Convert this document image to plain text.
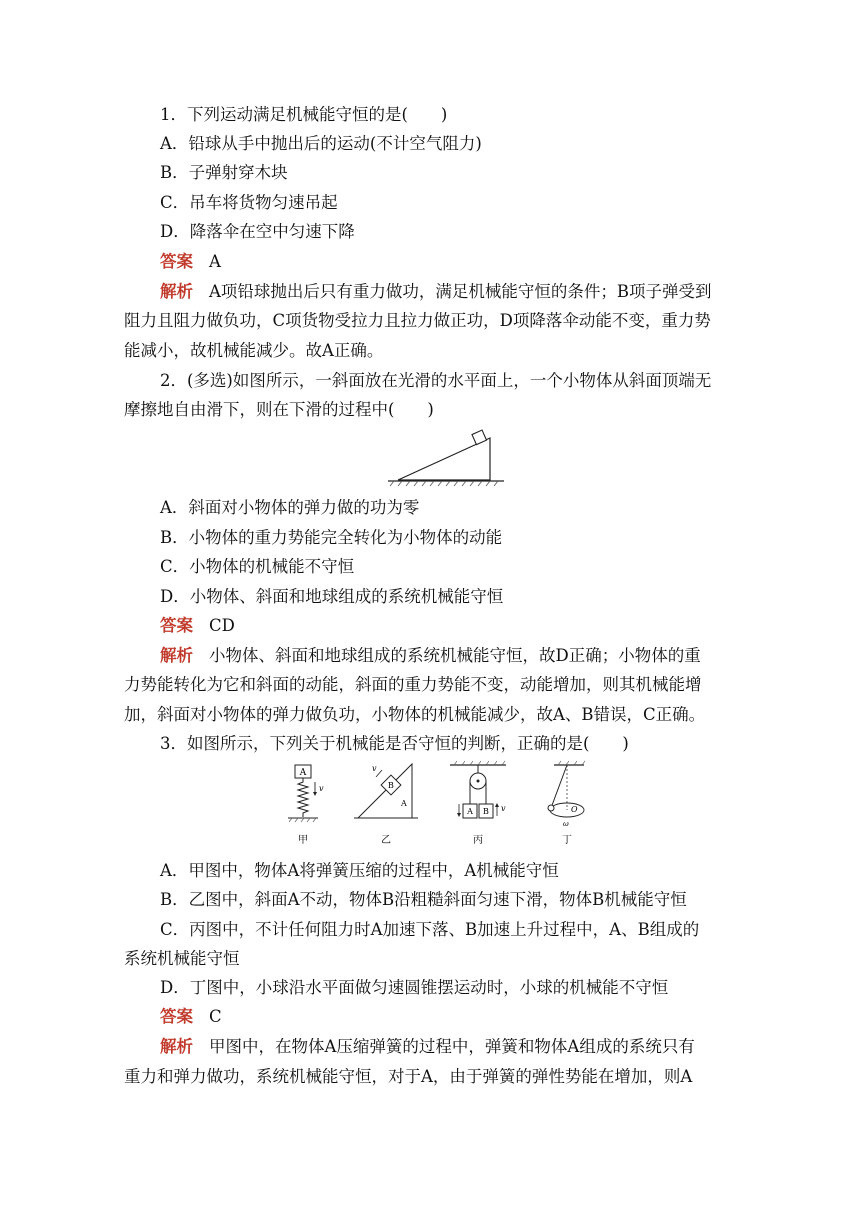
1．下列运动满足机械能守恒的是(　　)
A．铅球从手中抛出后的运动(不计空气阻力)
B．子弹射穿木块
C．吊车将货物匀速吊起
D．降落伞在空中匀速下降
答案 A
解析 A项铅球抛出后只有重力做功，满足机械能守恒的条件；B项子弹受到
阻力且阻力做负功，C项货物受拉力且拉力做正功，D项降落伞动能不变，重力势
能减小，故机械能减少。故A正确。
2．(多选)如图所示，一斜面放在光滑的水平面上，一个小物体从斜面顶端无
摩擦地自由滑下，则在下滑的过程中(　　)
A．斜面对小物体的弹力做的功为零
B．小物体的重力势能完全转化为小物体的动能
C．小物体的机械能不守恒
D．小物体、斜面和地球组成的系统机械能守恒
答案 CD
解析 小物体、斜面和地球组成的系统机械能守恒，故D正确；小物体的重
力势能转化为它和斜面的动能，斜面的重力势能不变，动能增加，则其机械能增
加，斜面对小物体的弹力做负功，小物体的机械能减少，故A、B错误，C正确。
3．如图所示，下列关于机械能是否守恒的判断，正确的是(　　)
A
v
甲
B
A
v
乙
A B v
丙
O
ω
丁
A．甲图中，物体A将弹簧压缩的过程中，A机械能守恒
B．乙图中，斜面A不动，物体B沿粗糙斜面匀速下滑，物体B机械能守恒
C．丙图中，不计任何阻力时A加速下落、B加速上升过程中，A、B组成的
系统机械能守恒
D．丁图中，小球沿水平面做匀速圆锥摆运动时，小球的机械能不守恒
答案 C
解析 甲图中，在物体A压缩弹簧的过程中，弹簧和物体A组成的系统只有
重力和弹力做功，系统机械能守恒，对于A，由于弹簧的弹性势能在增加，则A
